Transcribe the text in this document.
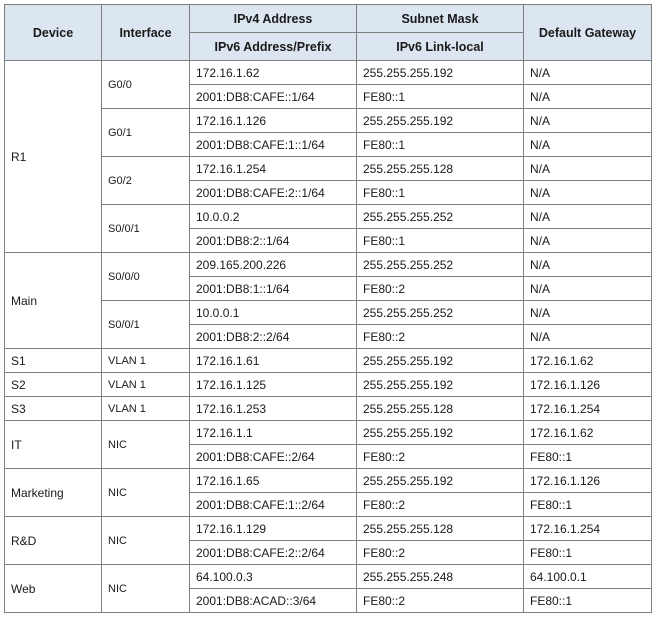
Device	Interface	IPv4 Address	Subnet Mask	Default Gateway
		IPv6 Address/Prefix	IPv6 Link-local	
R1	G0/0	172.16.1.62	255.255.255.192	N/A
		2001:DB8:CAFE::1/64	FE80::1	N/A
	G0/1	172.16.1.126	255.255.255.192	N/A
		2001:DB8:CAFE:1::1/64	FE80::1	N/A
	G0/2	172.16.1.254	255.255.255.128	N/A
		2001:DB8:CAFE:2::1/64	FE80::1	N/A
	S0/0/1	10.0.0.2	255.255.255.252	N/A
		2001:DB8:2::1/64	FE80::1	N/A
Main	S0/0/0	209.165.200.226	255.255.255.252	N/A
		2001:DB8:1::1/64	FE80::2	N/A
	S0/0/1	10.0.0.1	255.255.255.252	N/A
		2001:DB8:2::2/64	FE80::2	N/A
S1	VLAN 1	172.16.1.61	255.255.255.192	172.16.1.62
S2	VLAN 1	172.16.1.125	255.255.255.192	172.16.1.126
S3	VLAN 1	172.16.1.253	255.255.255.128	172.16.1.254
IT	NIC	172.16.1.1	255.255.255.192	172.16.1.62
		2001:DB8:CAFE::2/64	FE80::2	FE80::1
Marketing	NIC	172.16.1.65	255.255.255.192	172.16.1.126
		2001:DB8:CAFE:1::2/64	FE80::2	FE80::1
R&D	NIC	172.16.1.129	255.255.255.128	172.16.1.254
		2001:DB8:CAFE:2::2/64	FE80::2	FE80::1
Web	NIC	64.100.0.3	255.255.255.248	64.100.0.1
		2001:DB8:ACAD::3/64	FE80::2	FE80::1
